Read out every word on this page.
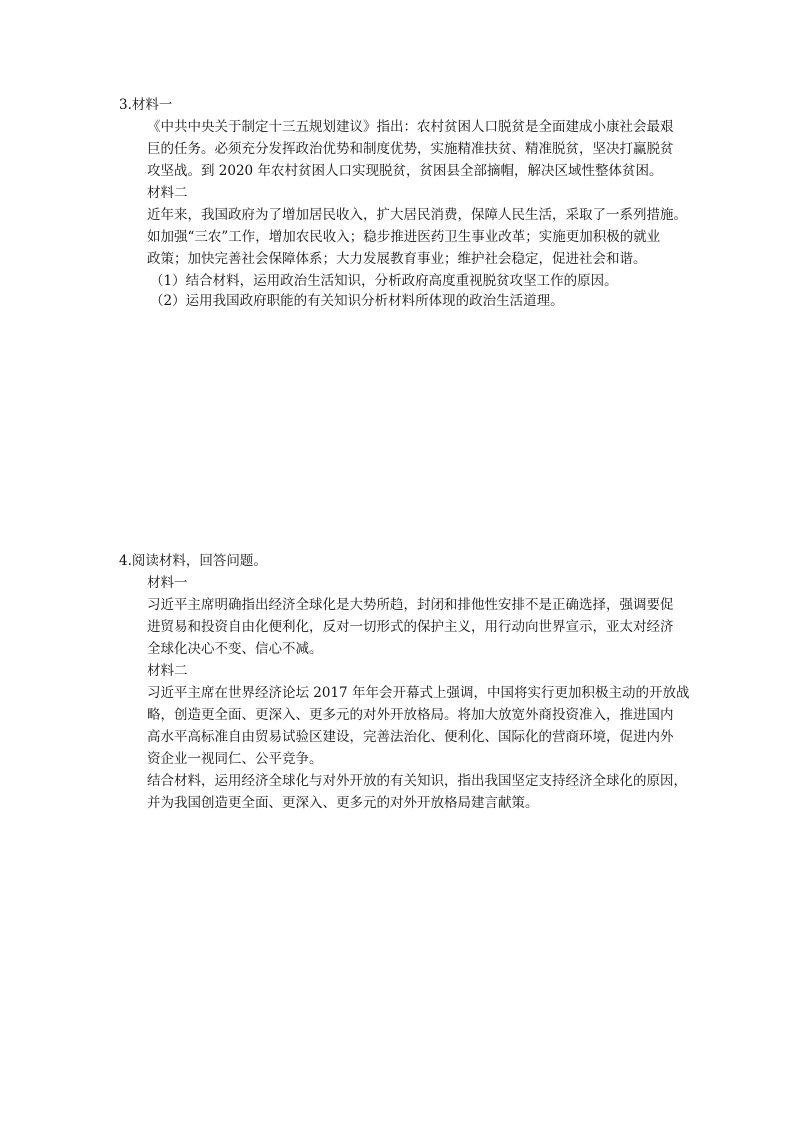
3.材料一
《中共中央关于制定十三五规划建议》指出：农村贫困人口脱贫是全面建成小康社会最艰
巨的任务。必须充分发挥政治优势和制度优势，实施精准扶贫、精准脱贫，坚决打赢脱贫
攻坚战。到 2020 年农村贫困人口实现脱贫，贫困县全部摘帽，解决区域性整体贫困。
材料二
近年来，我国政府为了增加居民收入，扩大居民消费，保障人民生活，采取了一系列措施。
如加强“三农”工作，增加农民收入；稳步推进医药卫生事业改革；实施更加积极的就业
政策；加快完善社会保障体系；大力发展教育事业；维护社会稳定，促进社会和谐。
（1）结合材料，运用政治生活知识，分析政府高度重视脱贫攻坚工作的原因。
（2）运用我国政府职能的有关知识分析材料所体现的政治生活道理。
4.阅读材料，回答问题。
材料一
习近平主席明确指出经济全球化是大势所趋，封闭和排他性安排不是正确选择，强调要促
进贸易和投资自由化便利化，反对一切形式的保护主义，用行动向世界宣示，亚太对经济
全球化决心不变、信心不减。
材料二
习近平主席在世界经济论坛 2017 年年会开幕式上强调，中国将实行更加积极主动的开放战
略，创造更全面、更深入、更多元的对外开放格局。将加大放宽外商投资准入，推进国内
高水平高标准自由贸易试验区建设，完善法治化、便利化、国际化的营商环境，促进内外
资企业一视同仁、公平竞争。
结合材料，运用经济全球化与对外开放的有关知识，指出我国坚定支持经济全球化的原因，
并为我国创造更全面、更深入、更多元的对外开放格局建言献策。
